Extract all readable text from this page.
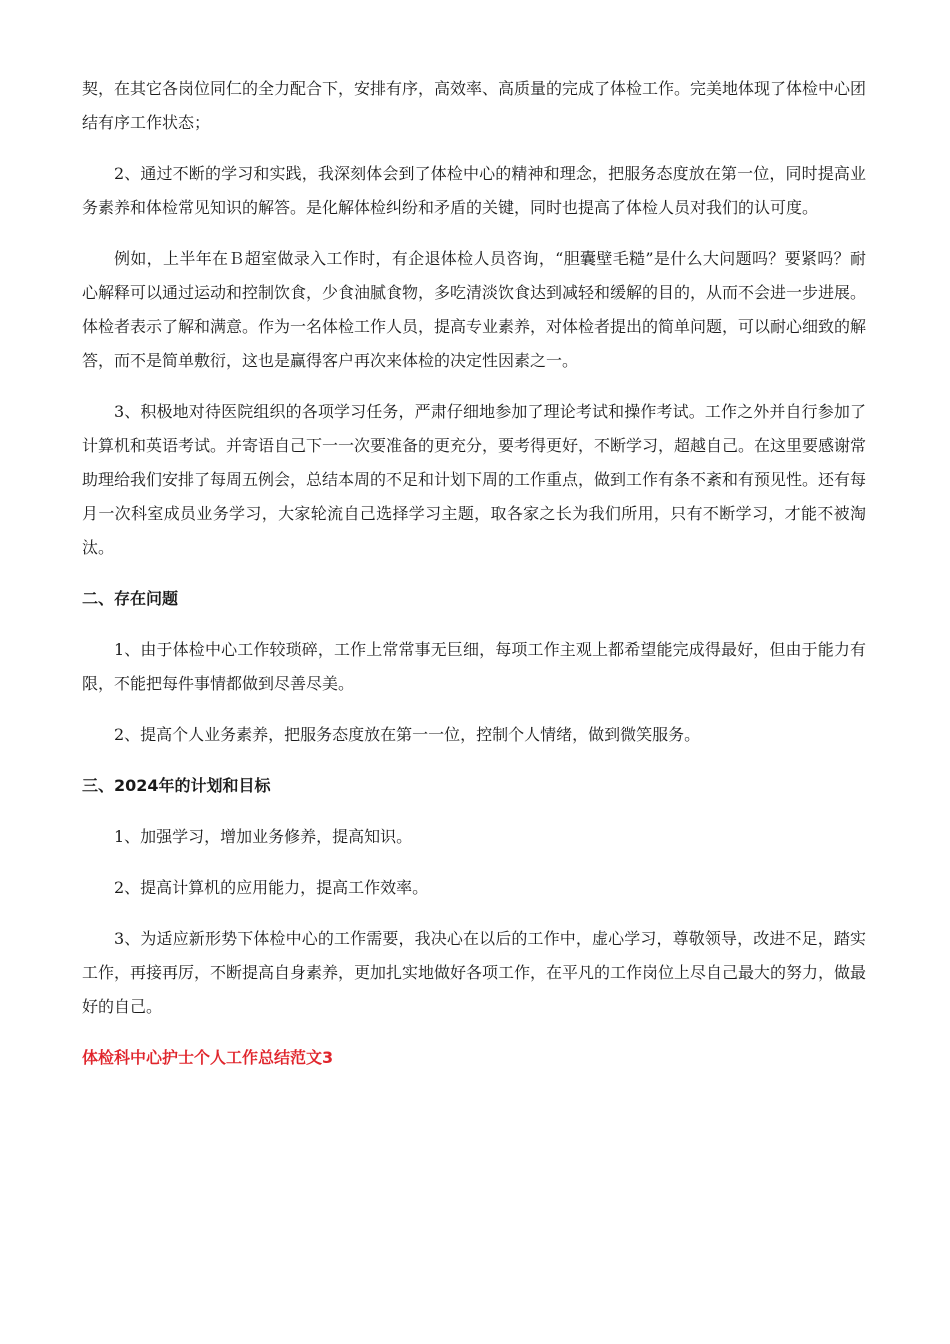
契，在其它各岗位同仁的全力配合下，安排有序，高效率、高质量的完成了体检工作。完美地体现了体检中心团结有序工作状态；

2、通过不断的学习和实践，我深刻体会到了体检中心的精神和理念，把服务态度放在第一位，同时提高业务素养和体检常见知识的解答。是化解体检纠纷和矛盾的关键，同时也提高了体检人员对我们的认可度。

例如，上半年在Ｂ超室做录入工作时，有企退体检人员咨询，“胆囊壁毛糙”是什么大问题吗？要紧吗？耐心解释可以通过运动和控制饮食，少食油腻食物，多吃清淡饮食达到减轻和缓解的目的，从而不会进一步进展。体检者表示了解和满意。作为一名体检工作人员，提高专业素养，对体检者提出的简单问题，可以耐心细致的解答，而不是简单敷衍，这也是赢得客户再次来体检的决定性因素之一。

3、积极地对待医院组织的各项学习任务，严肃仔细地参加了理论考试和操作考试。工作之外并自行参加了计算机和英语考试。并寄语自己下一一次要准备的更充分，要考得更好，不断学习，超越自己。在这里要感谢常助理给我们安排了每周五例会，总结本周的不足和计划下周的工作重点，做到工作有条不紊和有预见性。还有每月一次科室成员业务学习，大家轮流自己选择学习主题，取各家之长为我们所用，只有不断学习，才能不被淘汰。

二、存在问题

1、由于体检中心工作较琐碎，工作上常常事无巨细，每项工作主观上都希望能完成得最好，但由于能力有限，不能把每件事情都做到尽善尽美。

2、提高个人业务素养，把服务态度放在第一一位，控制个人情绪，做到微笑服务。

三、2024年的计划和目标

1、加强学习，增加业务修养，提高知识。

2、提高计算机的应用能力，提高工作效率。

3、为适应新形势下体检中心的工作需要，我决心在以后的工作中，虚心学习，尊敬领导，改进不足，踏实工作，再接再厉，不断提高自身素养，更加扎实地做好各项工作，在平凡的工作岗位上尽自己最大的努力，做最好的自己。

体检科中心护士个人工作总结范文3
